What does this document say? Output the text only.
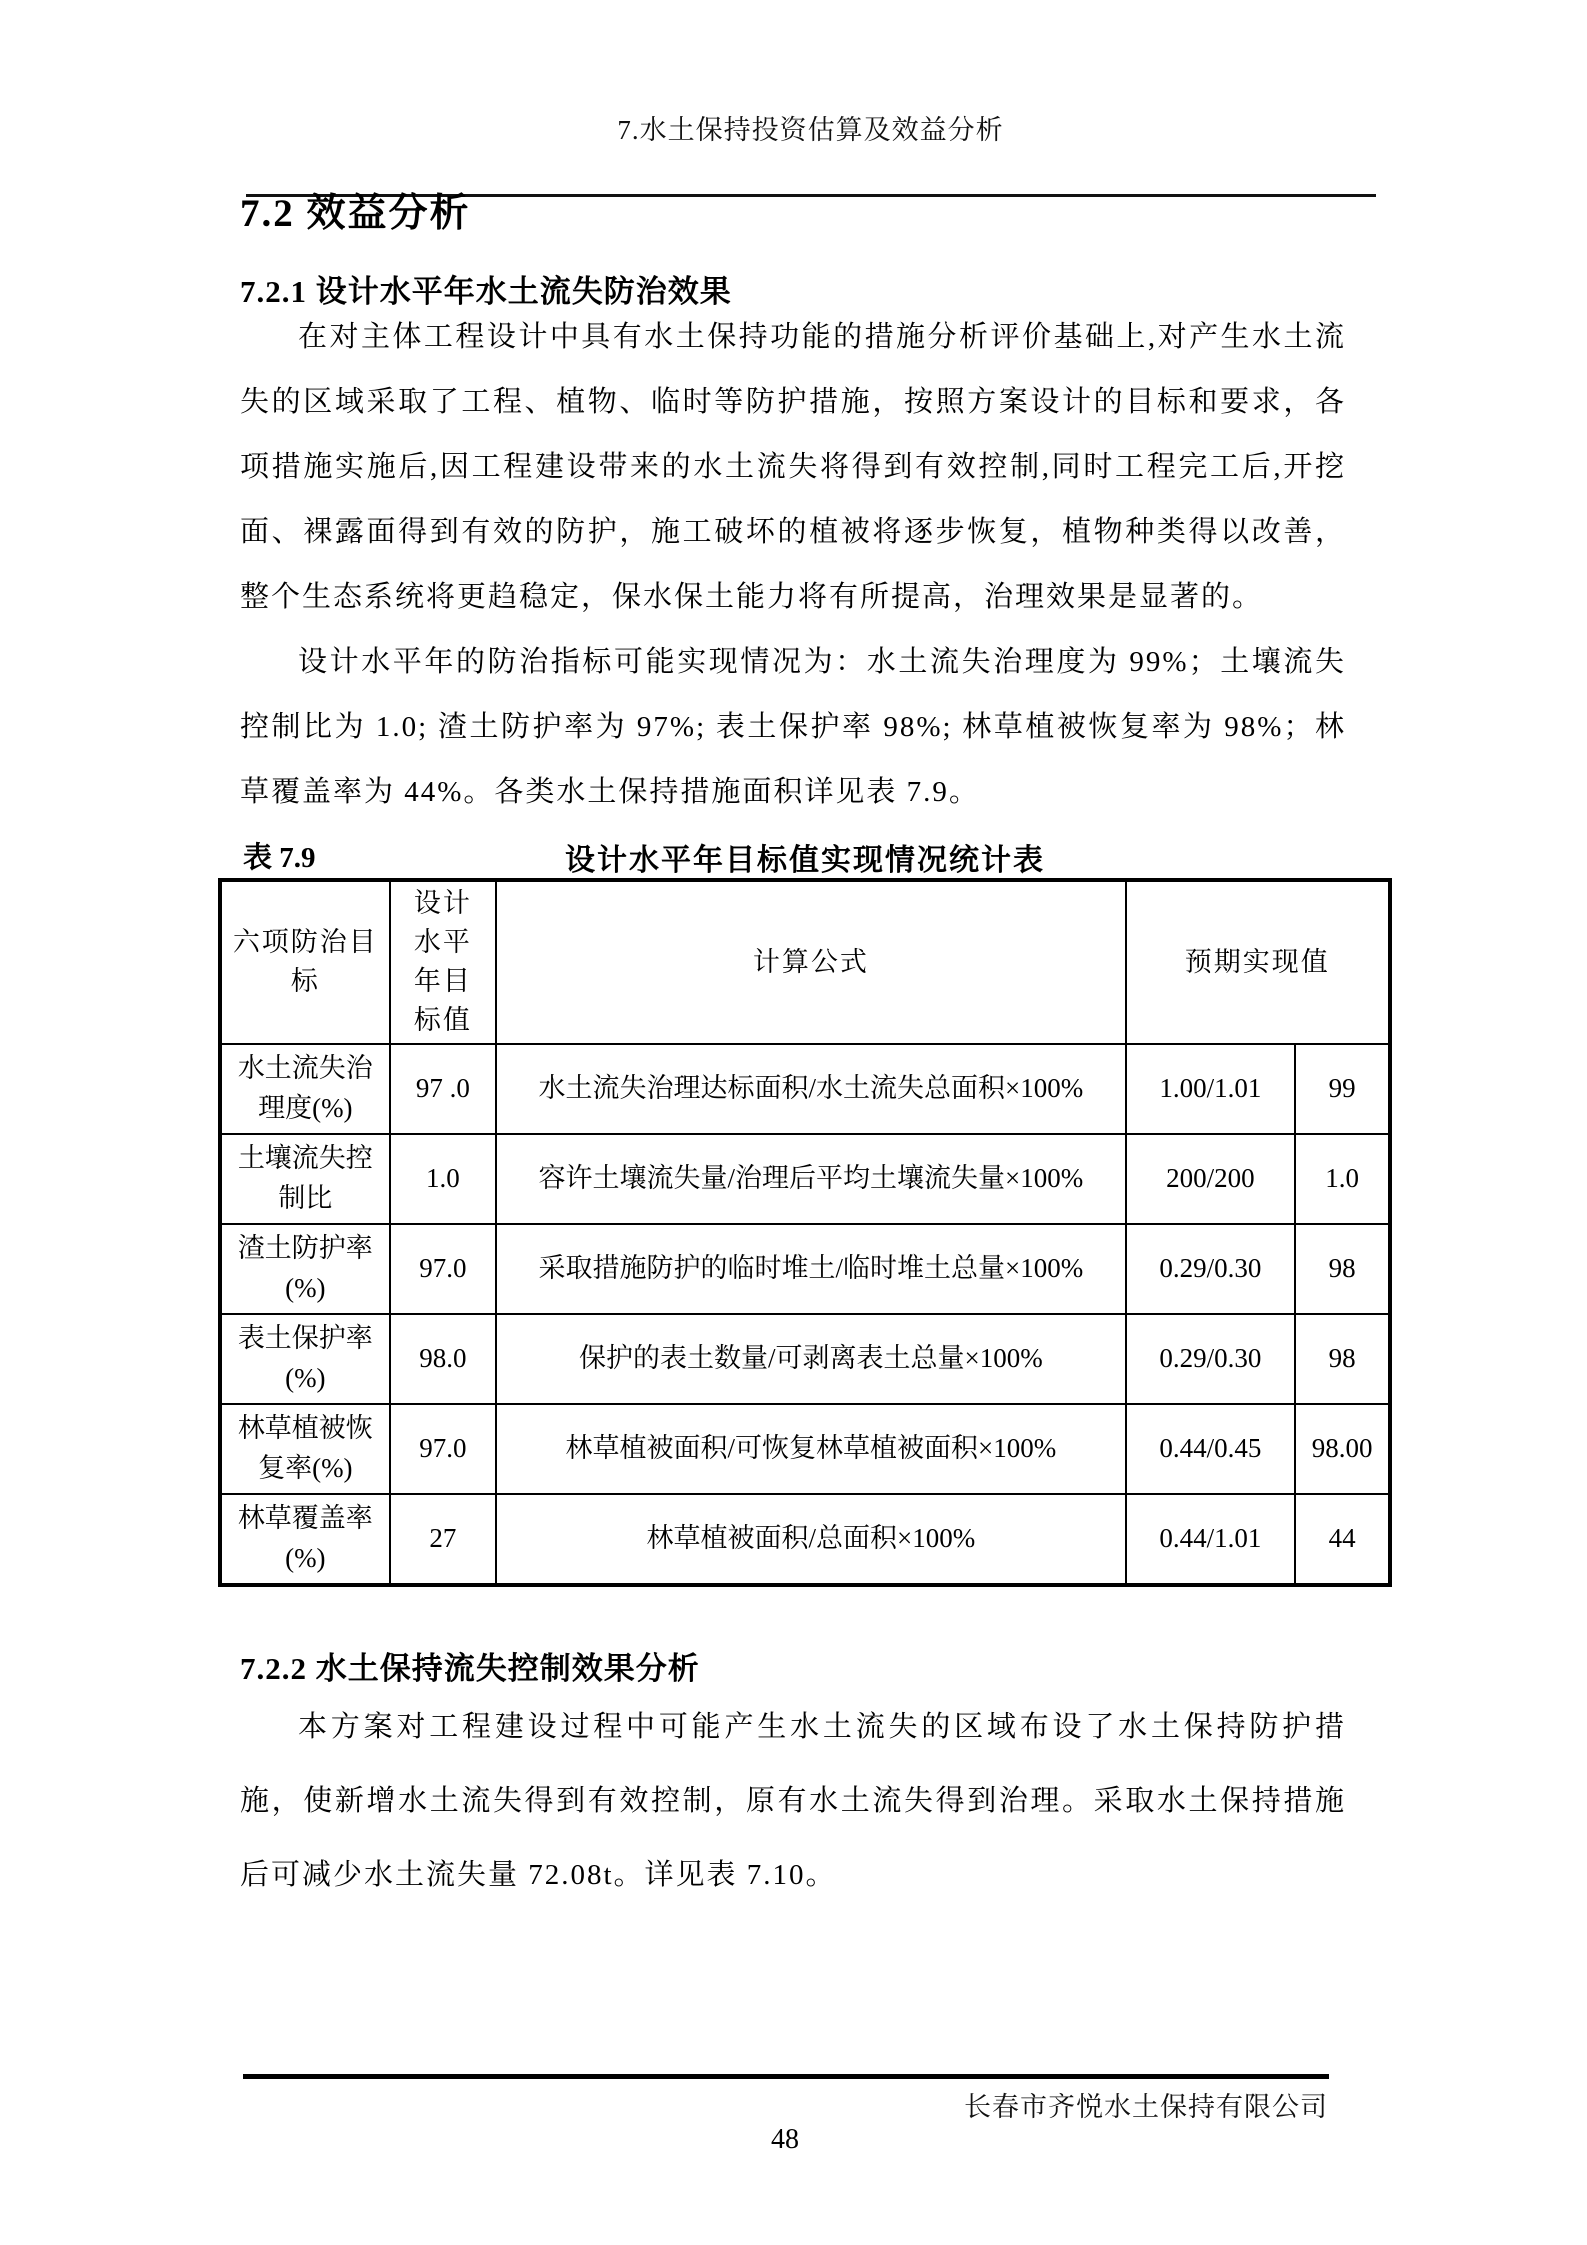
7.水土保持投资估算及效益分析
7.2 效益分析
7.2.1 设计水平年水土流失防治效果

在对主体工程设计中具有水土保持功能的措施分析评价基础上,对产生水土流失的区域采取了工程、植物、临时等防护措施，按照方案设计的目标和要求，各项措施实施后,因工程建设带来的水土流失将得到有效控制,同时工程完工后,开挖面、裸露面得到有效的防护，施工破坏的植被将逐步恢复，植物种类得以改善，整个生态系统将更趋稳定，保水保土能力将有所提高，治理效果是显著的。

设计水平年的防治指标可能实现情况为：水土流失治理度为 99%；土壤流失控制比为 1.0; 渣土防护率为 97%; 表土保护率 98%; 林草植被恢复率为 98%；林草覆盖率为 44%。各类水土保持措施面积详见表 7.9。

设计水平年目标值实现情况统计表
表 7.9
六项防治目标	设计水平年目标值	计算公式	预期实现值	
水土流失治理度(%)	97 .0	水土流失治理达标面积/水土流失总面积×100%	1.00/1.01	99
土壤流失控制比	1.0	容许土壤流失量/治理后平均土壤流失量×100%	200/200	1.0
渣土防护率(%)	97.0	采取措施防护的临时堆土/临时堆土总量×100%	0.29/0.30	98
表土保护率(%)	98.0	保护的表土数量/可剥离表土总量×100%	0.29/0.30	98
林草植被恢复率(%)	97.0	林草植被面积/可恢复林草植被面积×100%	0.44/0.45	98.00
林草覆盖率(%)	27	林草植被面积/总面积×100%	0.44/1.01	44
7.2.2 水土保持流失控制效果分析

本方案对工程建设过程中可能产生水土流失的区域布设了水土保持防护措施，使新增水土流失得到有效控制，原有水土流失得到治理。采取水土保持措施后可减少水土流失量 72.08t。详见表 7.10。

长春市齐悦水土保持有限公司
48
